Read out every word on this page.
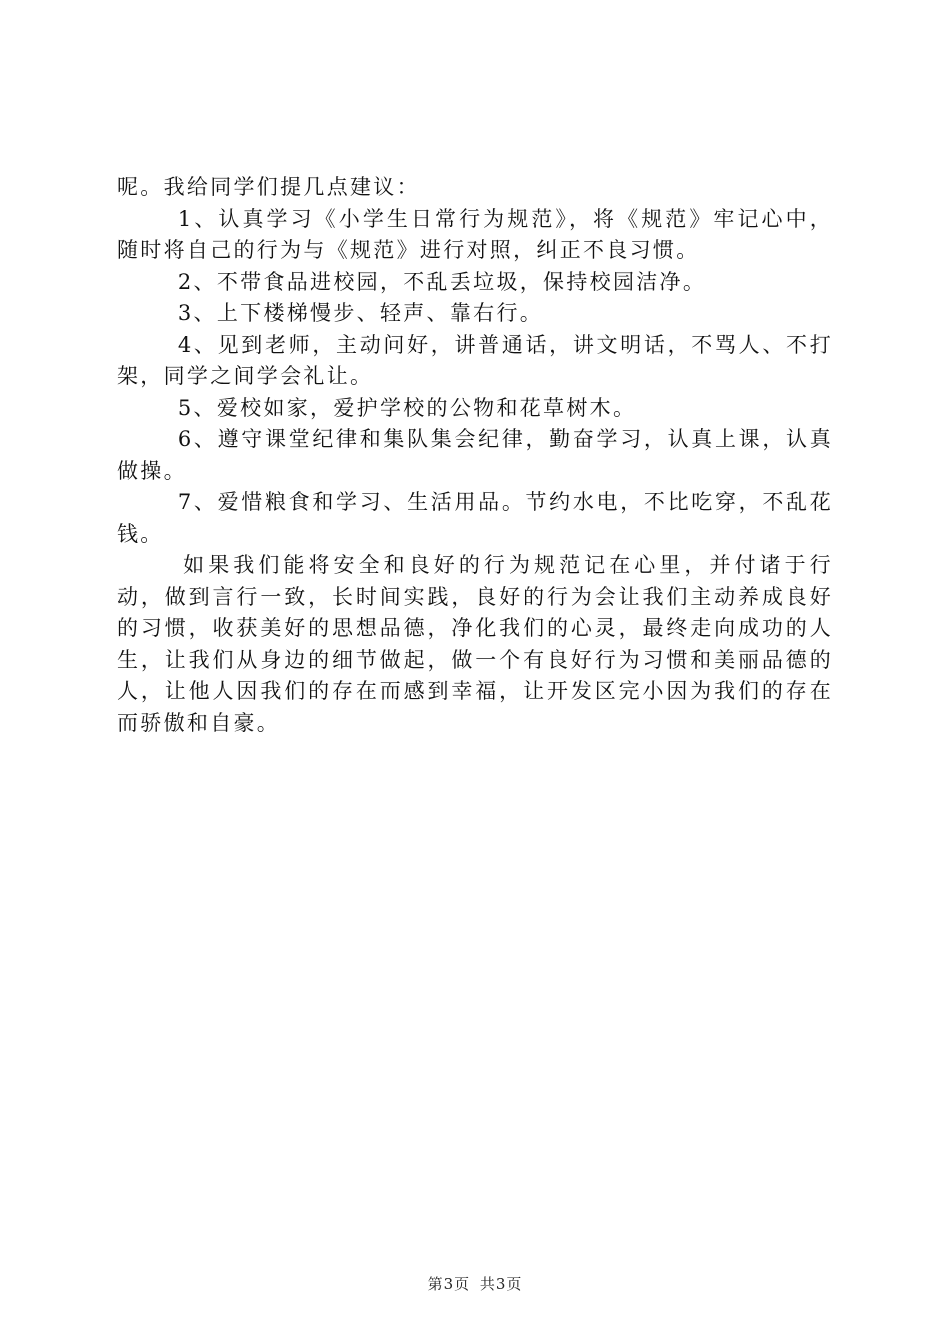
呢。我给同学们提几点建议：

1、认真学习《小学生日常行为规范》，将《规范》牢记心中，随时将自己的行为与《规范》进行对照，纠正不良习惯。

2、不带食品进校园，不乱丢垃圾，保持校园洁净。

3、上下楼梯慢步、轻声、靠右行。

4、见到老师，主动问好，讲普通话，讲文明话，不骂人、不打架，同学之间学会礼让。

5、爱校如家，爱护学校的公物和花草树木。

6、遵守课堂纪律和集队集会纪律，勤奋学习，认真上课，认真做操。

7、爱惜粮食和学习、生活用品。节约水电，不比吃穿，不乱花钱。

如果我们能将安全和良好的行为规范记在心里，并付诸于行动，做到言行一致，长时间实践，良好的行为会让我们主动养成良好的习惯，收获美好的思想品德，净化我们的心灵，最终走向成功的人生，让我们从身边的细节做起，做一个有良好行为习惯和美丽品德的人，让他人因我们的存在而感到幸福，让开发区完小因为我们的存在而骄傲和自豪。

第3页 共3页
